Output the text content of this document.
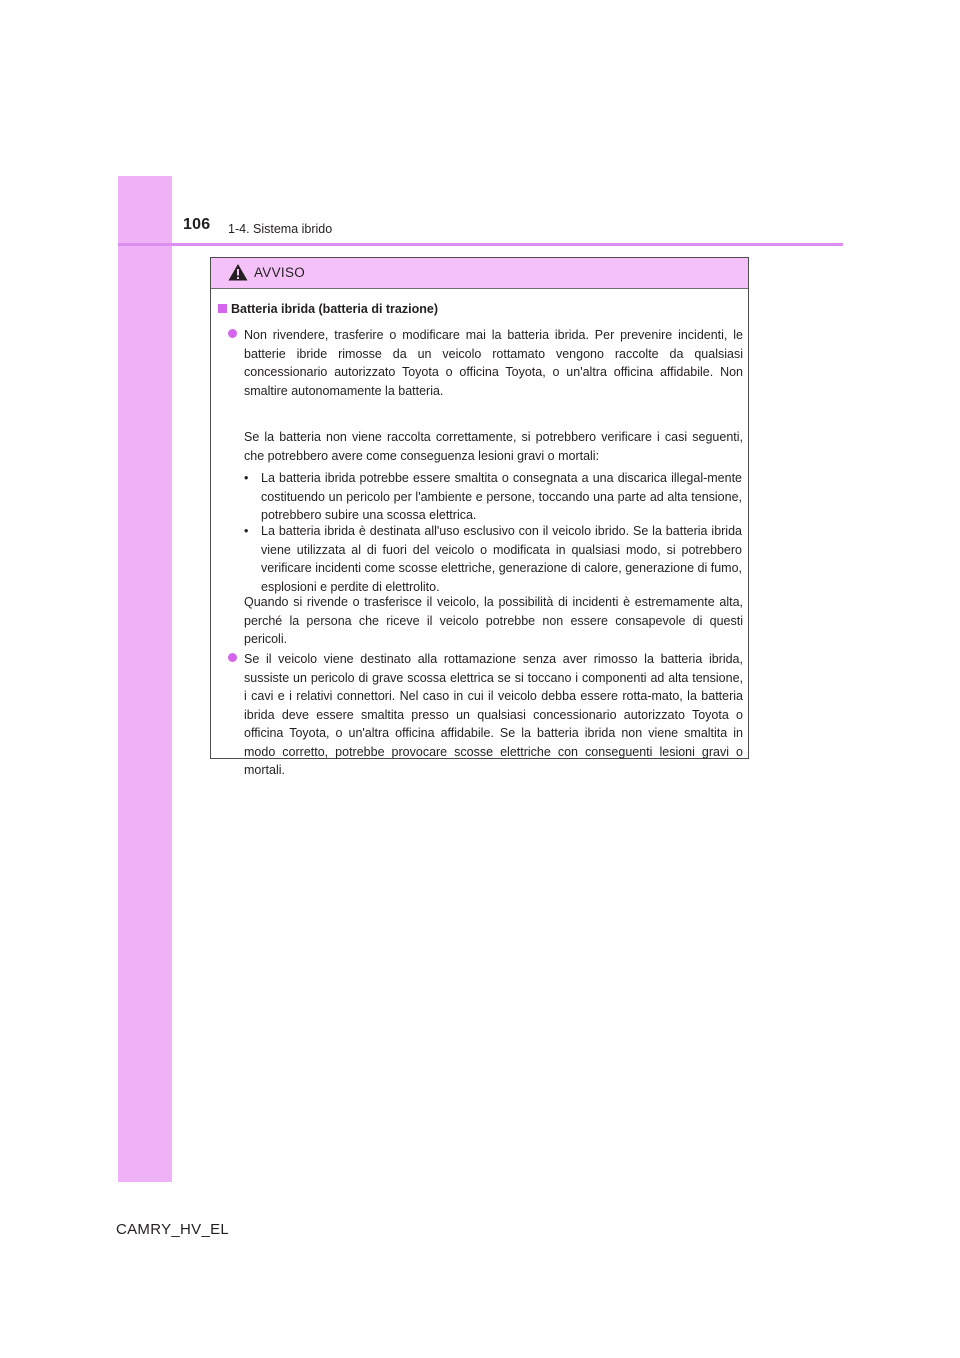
106 1-4. Sistema ibrido
AVVISO
Batteria ibrida (batteria di trazione)
Non rivendere, trasferire o modificare mai la batteria ibrida. Per prevenire incidenti, le batterie ibride rimosse da un veicolo rottamato vengono raccolte da qualsiasi concessionario autorizzato Toyota o officina Toyota, o un'altra officina affidabile. Non smaltire autonomamente la batteria.
Se la batteria non viene raccolta correttamente, si potrebbero verificare i casi seguenti, che potrebbero avere come conseguenza lesioni gravi o mortali:
• La batteria ibrida potrebbe essere smaltita o consegnata a una discarica illegal-mente costituendo un pericolo per l'ambiente e persone, toccando una parte ad alta tensione, potrebbero subire una scossa elettrica.
• La batteria ibrida è destinata all'uso esclusivo con il veicolo ibrido. Se la batteria ibrida viene utilizzata al di fuori del veicolo o modificata in qualsiasi modo, si potrebbero verificare incidenti come scosse elettriche, generazione di calore, generazione di fumo, esplosioni e perdite di elettrolito.
Quando si rivende o trasferisce il veicolo, la possibilità di incidenti è estremamente alta, perché la persona che riceve il veicolo potrebbe non essere consapevole di questi pericoli.
Se il veicolo viene destinato alla rottamazione senza aver rimosso la batteria ibrida, sussiste un pericolo di grave scossa elettrica se si toccano i componenti ad alta tensione, i cavi e i relativi connettori. Nel caso in cui il veicolo debba essere rotta-mato, la batteria ibrida deve essere smaltita presso un qualsiasi concessionario autorizzato Toyota o officina Toyota, o un'altra officina affidabile. Se la batteria ibrida non viene smaltita in modo corretto, potrebbe provocare scosse elettriche con conseguenti lesioni gravi o mortali.
CAMRY_HV_EL
